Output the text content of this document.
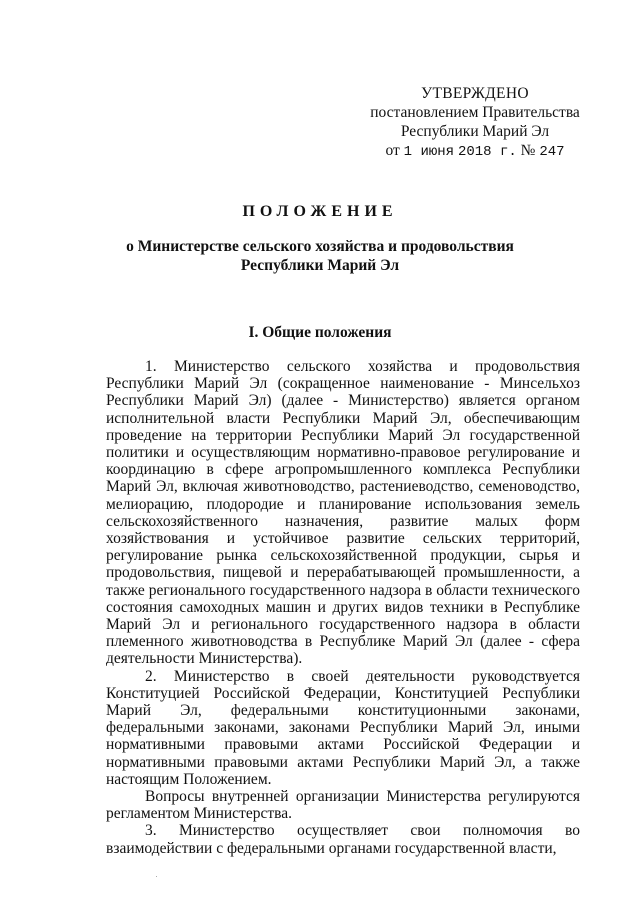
УТВЕРЖДЕНО
постановлением Правительства
Республики Марий Эл
от 1 июня 2018 г. № 247
ПОЛОЖЕНИЕ
о Министерстве сельского хозяйства и продовольствия
Республики Марий Эл
I. Общие положения

1. Министерство сельского хозяйства и продовольствия Республики Марий Эл (сокращенное наименование - Минсельхоз Республики Марий Эл) (далее - Министерство) является органом исполнительной власти Республики Марий Эл, обеспечивающим проведение на территории Республики Марий Эл государственной политики и осуществляющим нормативно-правовое регулирование и координацию в сфере агропромышленного комплекса Республики Марий Эл, включая животноводство, растениеводство, семеноводство, мелиорацию, плодородие и планирование использования земель сельскохозяйственного назначения, развитие малых форм хозяйствования и устойчивое развитие сельских территорий, регулирование рынка сельскохозяйственной продукции, сырья и продовольствия, пищевой и перерабатывающей промышленности, а также регионального государственного надзора в области технического состояния самоходных машин и других видов техники в Республике Марий Эл и регионального государственного надзора в области племенного животноводства в Республике Марий Эл (далее - сфера деятельности Министерства).

2. Министерство в своей деятельности руководствуется Конституцией Российской Федерации, Конституцией Республики Марий Эл, федеральными конституционными законами, федеральными законами, законами Республики Марий Эл, иными нормативными правовыми актами Российской Федерации и нормативными правовыми актами Республики Марий Эл, а также настоящим Положением.

Вопросы внутренней организации Министерства регулируются регламентом Министерства.

3. Министерство осуществляет свои полномочия во взаимодействии с федеральными органами государственной власти,
